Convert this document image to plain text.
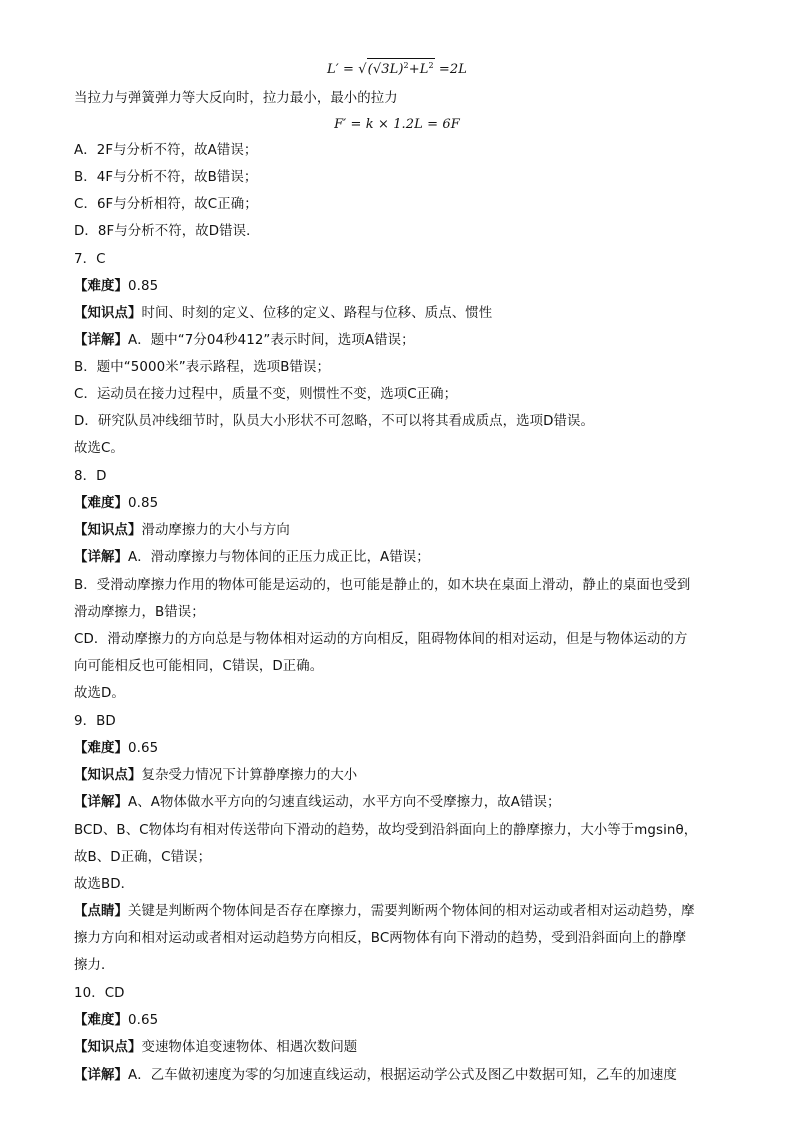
$L' = √(√3L)^2+L^2 =2L$
当拉力与弹簧弹力等大反向时，拉力最小，最小的拉力
F′ = k × 1.2L = 6F
A．2F与分析不符，故A错误；
B．4F与分析不符，故B错误；
C．6F与分析相符，故C正确；
D．8F与分析不符，故D错误．
7．C
【难度】0.85
【知识点】时间、时刻的定义、位移的定义、路程与位移、质点、惯性
【详解】A．题中“7分04秒412”表示时间，选项A错误；
B．题中“5000米”表示路程，选项B错误；
C．运动员在接力过程中，质量不变，则惯性不变，选项C正确；
D．研究队员冲线细节时，队员大小形状不可忽略，不可以将其看成质点，选项D错误。
故选C。
8．D
【难度】0.85
【知识点】滑动摩擦力的大小与方向
【详解】A．滑动摩擦力与物体间的正压力成正比，A错误；
B．受滑动摩擦力作用的物体可能是运动的，也可能是静止的，如木块在桌面上滑动，静止的桌面也受到
滑动摩擦力，B错误；
CD．滑动摩擦力的方向总是与物体相对运动的方向相反，阻碍物体间的相对运动，但是与物体运动的方
向可能相反也可能相同，C错误，D正确。
故选D。
9．BD
【难度】0.65
【知识点】复杂受力情况下计算静摩擦力的大小
【详解】A、A物体做水平方向的匀速直线运动，水平方向不受摩擦力，故A错误；
BCD、B、C物体均有相对传送带向下滑动的趋势，故均受到沿斜面向上的静摩擦力，大小等于mgsinθ，
故B、D正确，C错误；
故选BD．
【点睛】关键是判断两个物体间是否存在摩擦力，需要判断两个物体间的相对运动或者相对运动趋势，摩
擦力方向和相对运动或者相对运动趋势方向相反，BC两物体有向下滑动的趋势，受到沿斜面向上的静摩
擦力．
10．CD
【难度】0.65
【知识点】变速物体追变速物体、相遇次数问题
【详解】A．乙车做初速度为零的匀加速直线运动，根据运动学公式及图乙中数据可知，乙车的加速度
